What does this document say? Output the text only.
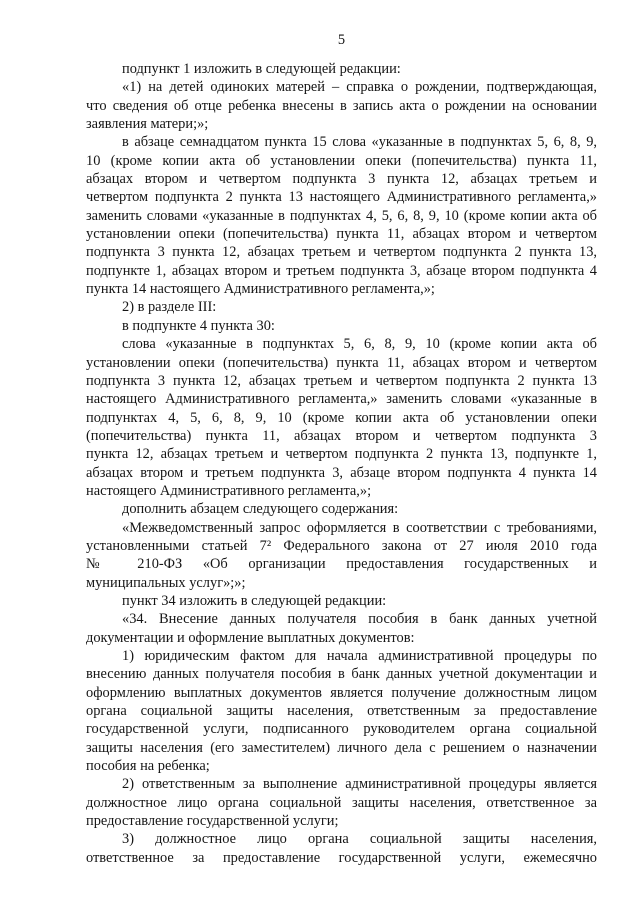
5
подпункт 1 изложить в следующей редакции:
«1) на детей одиноких матерей – справка о рождении, подтверждающая,
что сведения об отце ребенка внесены в запись акта о рождении на основании
заявления матери;»;
в абзаце семнадцатом пункта 15 слова «указанные в подпунктах 5, 6, 8, 9,
10 (кроме копии акта об установлении опеки (попечительства) пункта 11,
абзацах втором и четвертом подпункта 3 пункта 12, абзацах третьем и
четвертом подпункта 2 пункта 13 настоящего Административного регламента,»
заменить словами «указанные в подпунктах 4, 5, 6, 8, 9, 10 (кроме копии акта об
установлении опеки (попечительства) пункта 11, абзацах втором и четвертом
подпункта 3 пункта 12, абзацах третьем и четвертом подпункта 2 пункта 13,
подпункте 1, абзацах втором и третьем подпункта 3, абзаце втором подпункта 4
пункта 14 настоящего Административного регламента,»;
2) в разделе III:
в подпункте 4 пункта 30:
слова «указанные в подпунктах 5, 6, 8, 9, 10 (кроме копии акта об
установлении опеки (попечительства) пункта 11, абзацах втором и четвертом
подпункта 3 пункта 12, абзацах третьем и четвертом подпункта 2 пункта 13
настоящего Административного регламента,» заменить словами «указанные в
подпунктах 4, 5, 6, 8, 9, 10 (кроме копии акта об установлении опеки
(попечительства) пункта 11, абзацах втором и четвертом подпункта 3
пункта 12, абзацах третьем и четвертом подпункта 2 пункта 13, подпункте 1,
абзацах втором и третьем подпункта 3, абзаце втором подпункта 4 пункта 14
настоящего Административного регламента,»;
дополнить абзацем следующего содержания:
«Межведомственный запрос оформляется в соответствии с требованиями,
установленными статьей 7² Федерального закона от 27 июля 2010 года
№ 210-ФЗ «Об организации предоставления государственных и
муниципальных услуг»;»;
пункт 34 изложить в следующей редакции:
«34. Внесение данных получателя пособия в банк данных учетной
документации и оформление выплатных документов:
1) юридическим фактом для начала административной процедуры по
внесению данных получателя пособия в банк данных учетной документации и
оформлению выплатных документов является получение должностным лицом
органа социальной защиты населения, ответственным за предоставление
государственной услуги, подписанного руководителем органа социальной
защиты населения (его заместителем) личного дела с решением о назначении
пособия на ребенка;
2) ответственным за выполнение административной процедуры является
должностное лицо органа социальной защиты населения, ответственное за
предоставление государственной услуги;
3) должностное лицо органа социальной защиты населения,
ответственное за предоставление государственной услуги, ежемесячно
